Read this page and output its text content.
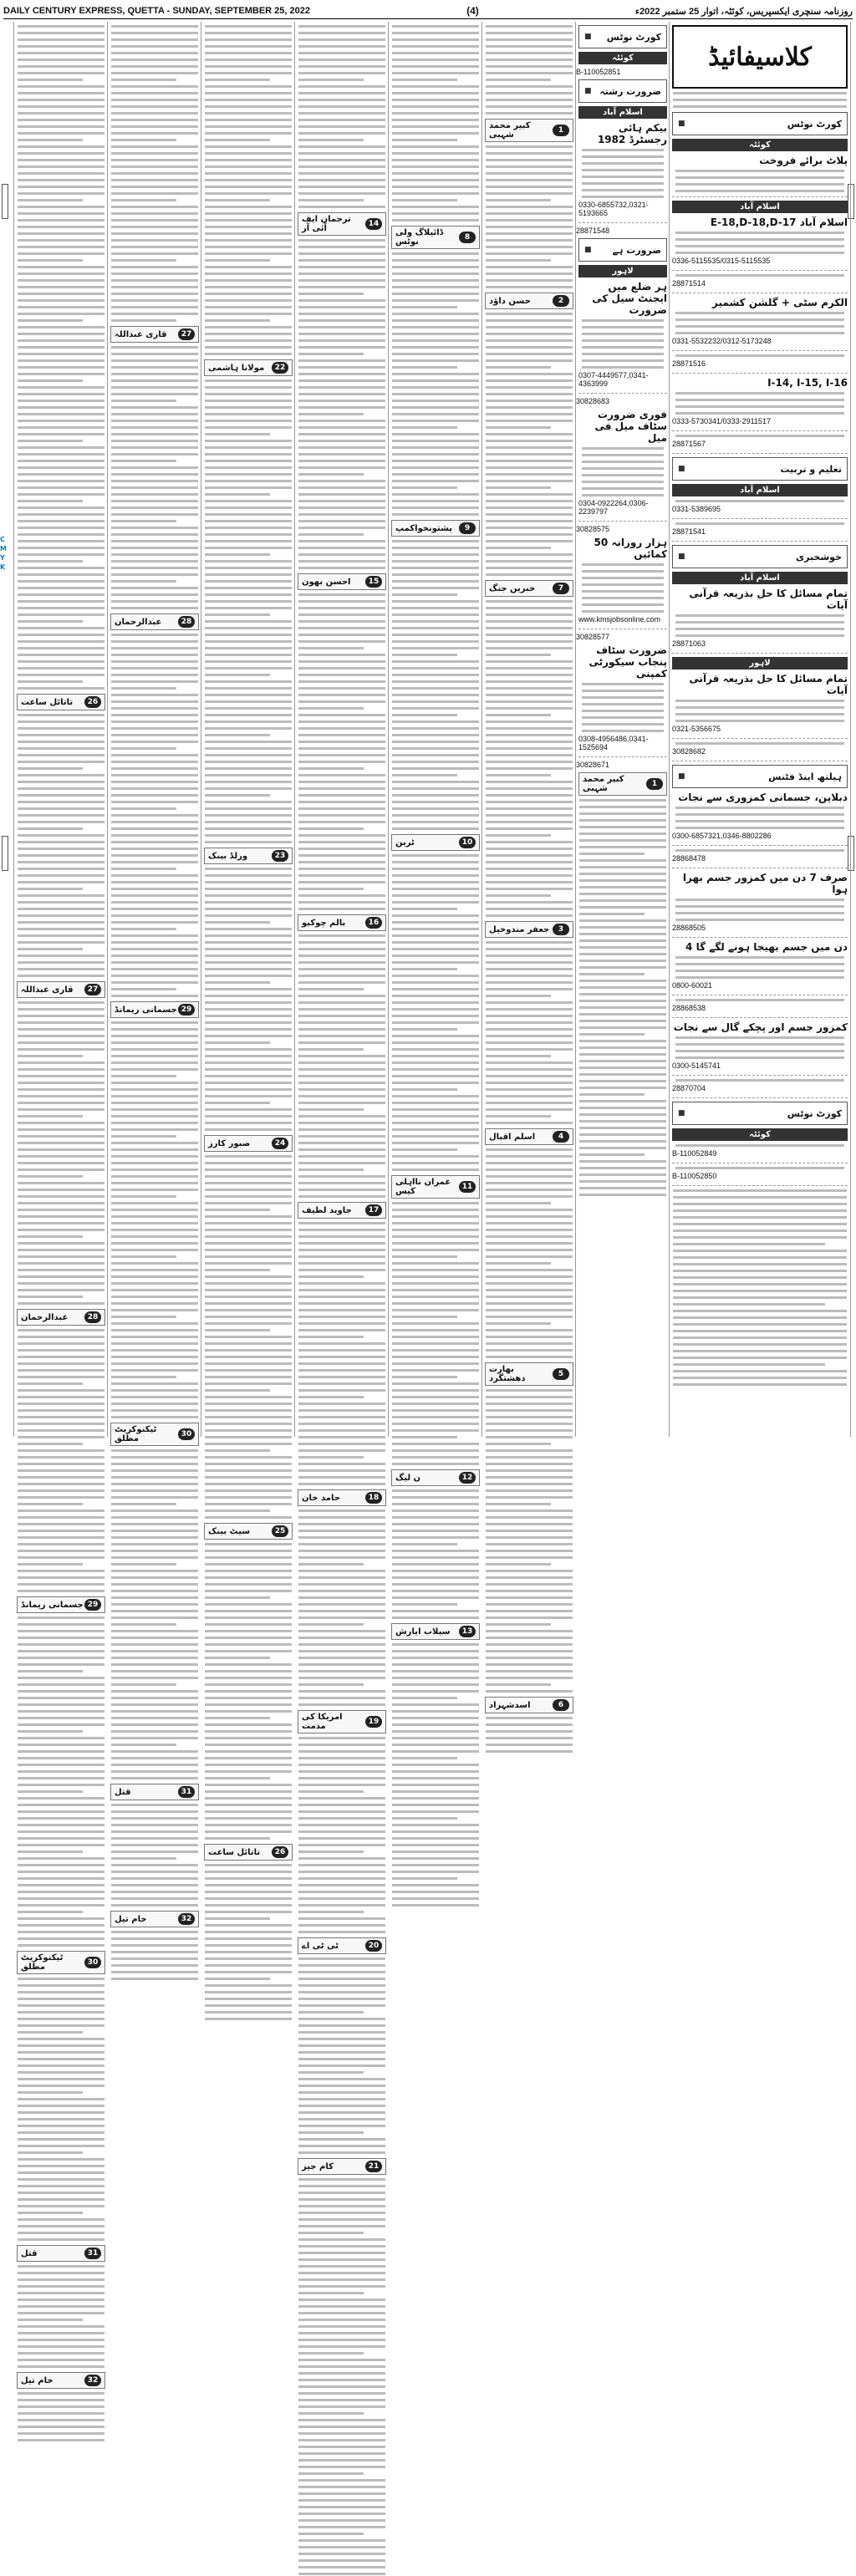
DAILY CENTURY EXPRESS, QUETTA - SUNDAY, SEPTEMBER 25, 2022	(4)	روزنامہ سنچری ایکسپریس، کوئٹہ، اتوار 25 ستمبر 2022ء
C
M
Y
K
تاتائل ساعت	26
قاری عبداللہ	27
عبدالرحمان	28
جسمانی ریمانڈ 29
ٹیکنوکریٹ مطلق	30
قتل	31
خام تیل	32
قاری عبداللہ	27
عبدالرحمان	28
جسمانی ریمانڈ 29
ٹیکنوکریٹ مطلق	30
قتل	31
خام تیل	32
مولانا ہاشمی	22
ورلڈ بینک	23
صبور کارز	24
سیٹ بینک	25
تاتائل ساعت	26
ترجمان ایف آئی آر	14
احسن بھون	15
بالم چوکیو	16
جاوید لطیف	17
حامد خان	18
امریکا کی مذمت	19
ٹی ٹی اے	20
کام جیز	21
ڈائیلاگ ولی نوٹس	8
پشتونخواکمپ	9
ٹرین	10
عمران نااہلی کیس	11
ن لیگ	12
سیلاب ایارش	13
کبیر محمد شہبی	1
حسن داؤد	2
خبریں جنگ	7
جعفر مندوخیل	3
اسلم اقبال	4
بھارت دھشتگرد	5
اسدشہزاد	6
■ کورٹ نوٹس
کوئٹہ
B-110052851
■ ضرورت رشتہ
اسلام آباد
بیکم ہائی رجسٹرڈ 1982
0330-6855732,0321-5193665
28871548
■ ضرورت ہے
لاہور
ہر ضلع میں ایجنٹ سیل کی ضرورت
0307-4449577,0341-4363999
30828683
فوری ضرورت سٹاف میل فی میل
0304-0922264,0306-2239797
30828575
50 ہزار روزانہ کمائیں
www.kmsjobsonline.com
30828577
ضرورت سٹاف پنجاب سیکورٹی کمپنی
0308-4956486,0341-1525694
30828671
کبیر محمد شہبی	1
کلاسیفائیڈ
■	کورٹ نوٹس
کوئٹہ
پلاٹ برائے فروخت
اسلام آباد
E-18,D-18,D-17 اسلام آباد
0336-5115535/0315-5115535
28871514
الکرم سٹی + گلشن کشمیر
0331-5532232/0312-5173248
28871516
I-14, I-15, I-16
0333-5730341/0333-2911517
28871567
■	تعلیم و تربیت
اسلام آباد
0331-5389695
28871541
■	خوشخبری
اسلام آباد
تمام مسائل کا حل بذریعہ قرآنی آیات
28871063
لاہور
تمام مسائل کا حل بذریعہ قرآنی آیات
0321-5356675
30828682
■	ہیلتھ اینڈ فٹنس
دبلاپن، جسمانی کمزوری سے نجات
0300-6857321,0346-8802286
28868478
صرف 7 دن میں کمزور جسم بھرا ہوا
28868505
4 دن میں جسم بھیجا ہونے لگے گا
0800-60021
28868538
کمزور جسم اور پچکے گال سے نجات
0300-5145741
28870704
■	کورٹ نوٹس
کوئٹہ
B-110052849
B-110052850
